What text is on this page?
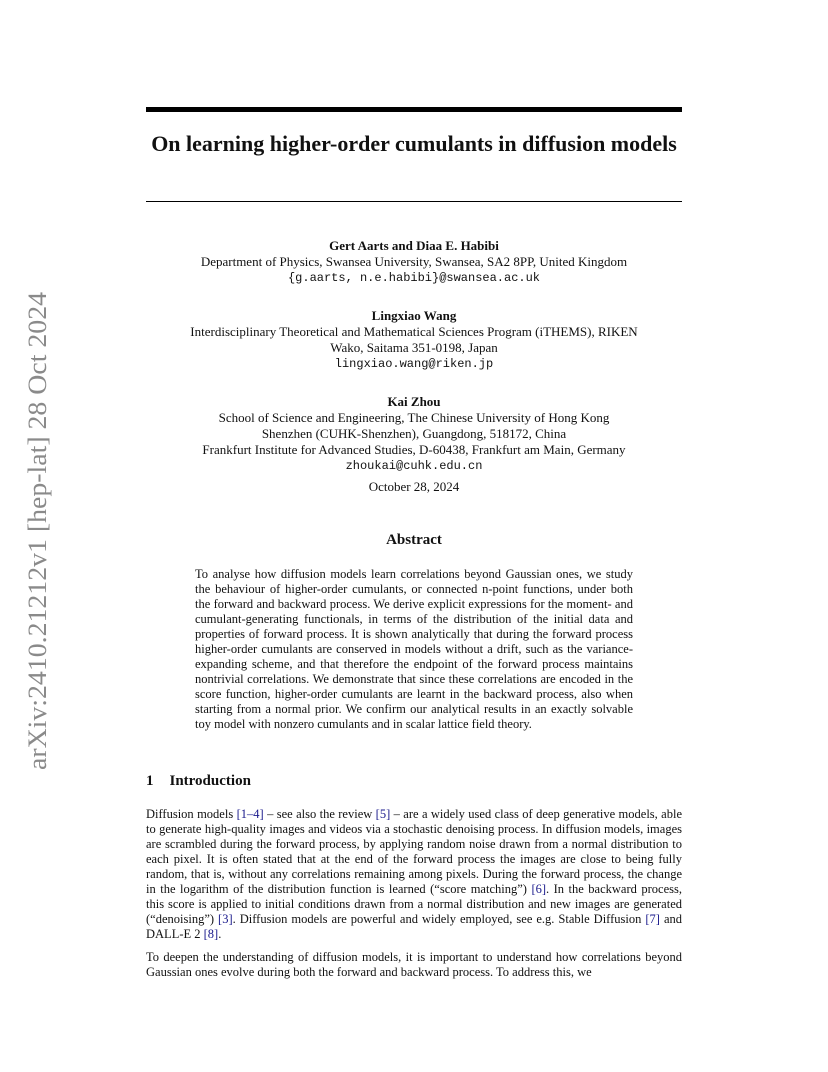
arXiv:2410.21212v1 [hep-lat] 28 Oct 2024
On learning higher-order cumulants in diffusion models
Gert Aarts and Diaa E. Habibi
Department of Physics, Swansea University, Swansea, SA2 8PP, United Kingdom
{g.aarts, n.e.habibi}@swansea.ac.uk
Lingxiao Wang
Interdisciplinary Theoretical and Mathematical Sciences Program (iTHEMS), RIKEN
Wako, Saitama 351-0198, Japan
lingxiao.wang@riken.jp
Kai Zhou
School of Science and Engineering, The Chinese University of Hong Kong
Shenzhen (CUHK-Shenzhen), Guangdong, 518172, China
Frankfurt Institute for Advanced Studies, D-60438, Frankfurt am Main, Germany
zhoukai@cuhk.edu.cn
October 28, 2024
Abstract

To analyse how diffusion models learn correlations beyond Gaussian ones, we study the behaviour of higher-order cumulants, or connected n-point functions, under both the forward and backward process. We derive explicit expressions for the moment- and cumulant-generating functionals, in terms of the distribution of the initial data and properties of forward process. It is shown analytically that during the forward process higher-order cumulants are conserved in models without a drift, such as the variance-expanding scheme, and that therefore the endpoint of the forward process maintains nontrivial correlations. We demonstrate that since these correlations are encoded in the score function, higher-order cumulants are learnt in the backward process, also when starting from a normal prior. We confirm our analytical results in an exactly solvable toy model with nonzero cumulants and in scalar lattice field theory.

1 Introduction

Diffusion models [1–4] – see also the review [5] – are a widely used class of deep generative models, able to generate high-quality images and videos via a stochastic denoising process. In diffusion models, images are scrambled during the forward process, by applying random noise drawn from a normal distribution to each pixel. It is often stated that at the end of the forward process the images are close to being fully random, that is, without any correlations remaining among pixels. During the forward process, the change in the logarithm of the distribution function is learned (“score matching”) [6]. In the backward process, this score is applied to initial conditions drawn from a normal distribution and new images are generated (“denoising”) [3]. Diffusion models are powerful and widely employed, see e.g. Stable Diffusion [7] and DALL-E 2 [8].

To deepen the understanding of diffusion models, it is important to understand how correlations beyond Gaussian ones evolve during both the forward and backward process. To address this, we
